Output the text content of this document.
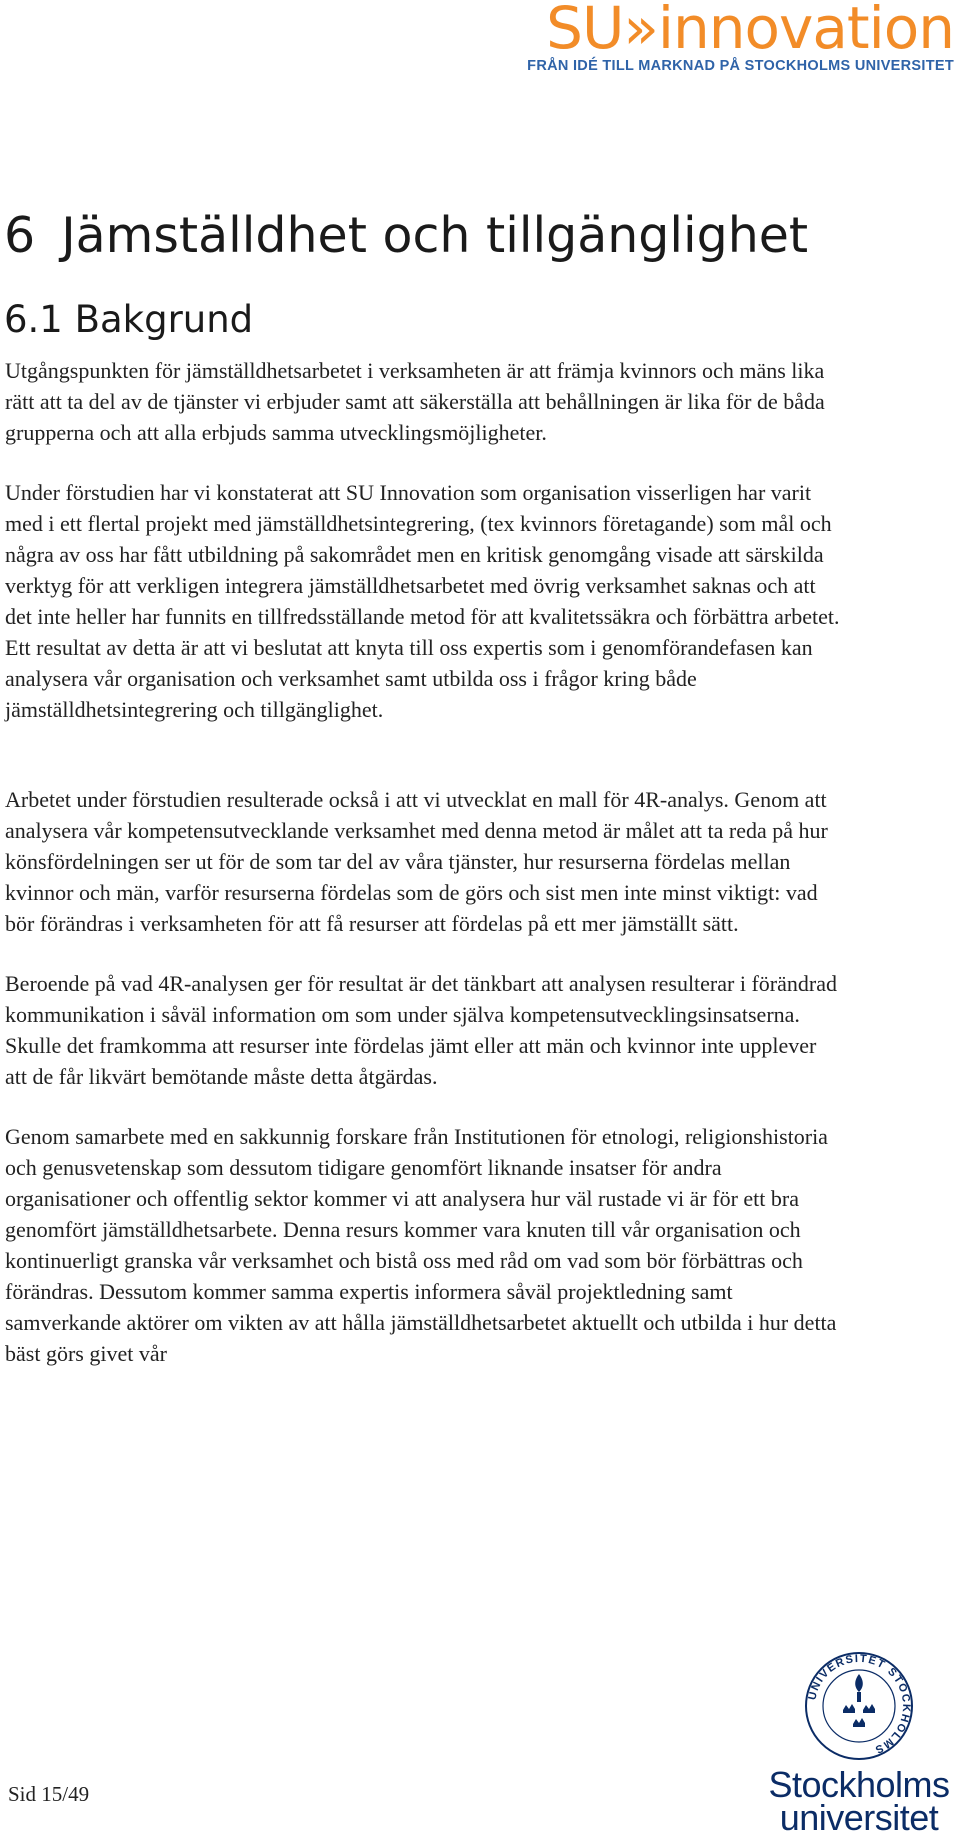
SU»innovation
FRÅN IDÉ TILL MARKNAD PÅ STOCKHOLMS UNIVERSITET
6 Jämställdhet och tillgänglighet
6.1 Bakgrund

Utgångspunkten för jämställdhetsarbetet i verksamheten är att främja kvinnors och mäns lika rätt att ta del av de tjänster vi erbjuder samt att säkerställa att behållningen är lika för de båda grupperna och att alla erbjuds samma utvecklingsmöjligheter.

Under förstudien har vi konstaterat att SU Innovation som organisation visserligen har varit med i ett flertal projekt med jämställdhetsintegrering, (tex kvinnors företagande) som mål och några av oss har fått utbildning på sakområdet men en kritisk genomgång visade att särskilda verktyg för att verkligen integrera jämställdhetsarbetet med övrig verksamhet saknas och att det inte heller har funnits en tillfredsställande metod för att kvalitetssäkra och förbättra arbetet. Ett resultat av detta är att vi beslutat att knyta till oss expertis som i genomförandefasen kan analysera vår organisation och verksamhet samt utbilda oss i frågor kring både jämställdhetsintegrering och tillgänglighet.

Arbetet under förstudien resulterade också i att vi utvecklat en mall för 4R-analys. Genom att analysera vår kompetensutvecklande verksamhet med denna metod är målet att ta reda på hur könsfördelningen ser ut för de som tar del av våra tjänster, hur resurserna fördelas mellan kvinnor och män, varför resurserna fördelas som de görs och sist men inte minst viktigt: vad bör förändras i verksamheten för att få resurser att fördelas på ett mer jämställt sätt.

Beroende på vad 4R-analysen ger för resultat är det tänkbart att analysen resulterar i förändrad kommunikation i såväl information om som under själva kompetensutvecklingsinsatserna. Skulle det framkomma att resurser inte fördelas jämt eller att män och kvinnor inte upplever att de får likvärt bemötande måste detta åtgärdas.

Genom samarbete med en sakkunnig forskare från Institutionen för etnologi, religionshistoria och genusvetenskap som dessutom tidigare genomfört liknande insatser för andra organisationer och offentlig sektor kommer vi att analysera hur väl rustade vi är för ett bra genomfört jämställdhetsarbete. Denna resurs kommer vara knuten till vår organisation och kontinuerligt granska vår verksamhet och bistå oss med råd om vad som bör förbättras och förändras. Dessutom kommer samma expertis informera såväl projektledning samt samverkande aktörer om vikten av att hålla jämställdhetsarbetet aktuellt och utbilda i hur detta bäst görs givet vår

Sid 15/49
UNIVERSITET STOCKHOLMS
Stockholms
universitet
